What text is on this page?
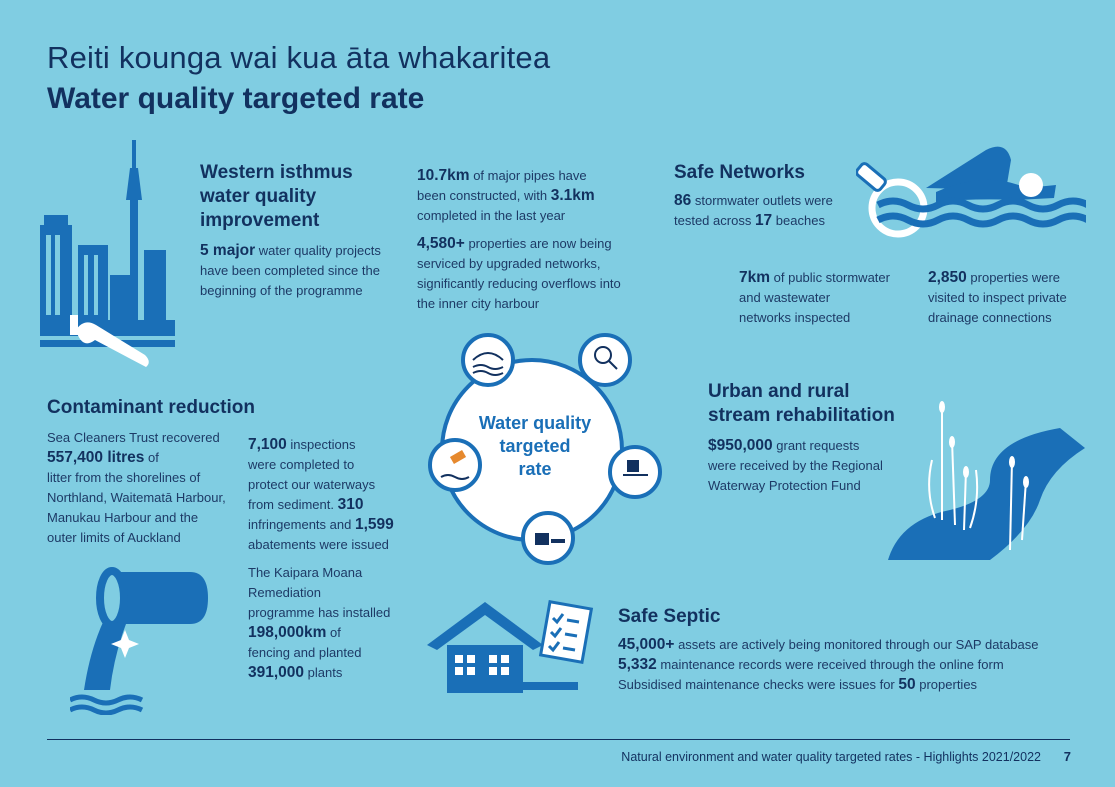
Reiti kounga wai kua āta whakaritea
Water quality targeted rate
Western isthmus
water quality
improvement
5 major water quality projects
have been completed since the
beginning of the programme
10.7km of major pipes have
been constructed, with 3.1km
completed in the last year
4,580+ properties are now being
serviced by upgraded networks,
significantly reducing overflows into
the inner city harbour
Safe Networks
86 stormwater outlets were
tested across 17 beaches
7km of public stormwater
and wastewater
networks inspected
2,850 properties were
visited to inspect private
drainage connections
Water quality
targeted
rate
Contaminant reduction
Sea Cleaners Trust recovered
557,400 litres of
litter from the shorelines of
Northland, Waitematā Harbour,
Manukau Harbour and the
outer limits of Auckland
7,100 inspections
were completed to
protect our waterways
from sediment. 310
infringements and 1,599
abatements were issued
The Kaipara Moana
Remediation
programme has installed
198,000km of
fencing and planted
391,000 plants
Urban and rural
stream rehabilitation
$950,000 grant requests
were received by the Regional
Waterway Protection Fund
Safe Septic
45,000+ assets are actively being monitored through our SAP database
5,332 maintenance records were received through the online form
Subsidised maintenance checks were issues for 50 properties
Natural environment and water quality targeted rates - Highlights 2021/2022 7
